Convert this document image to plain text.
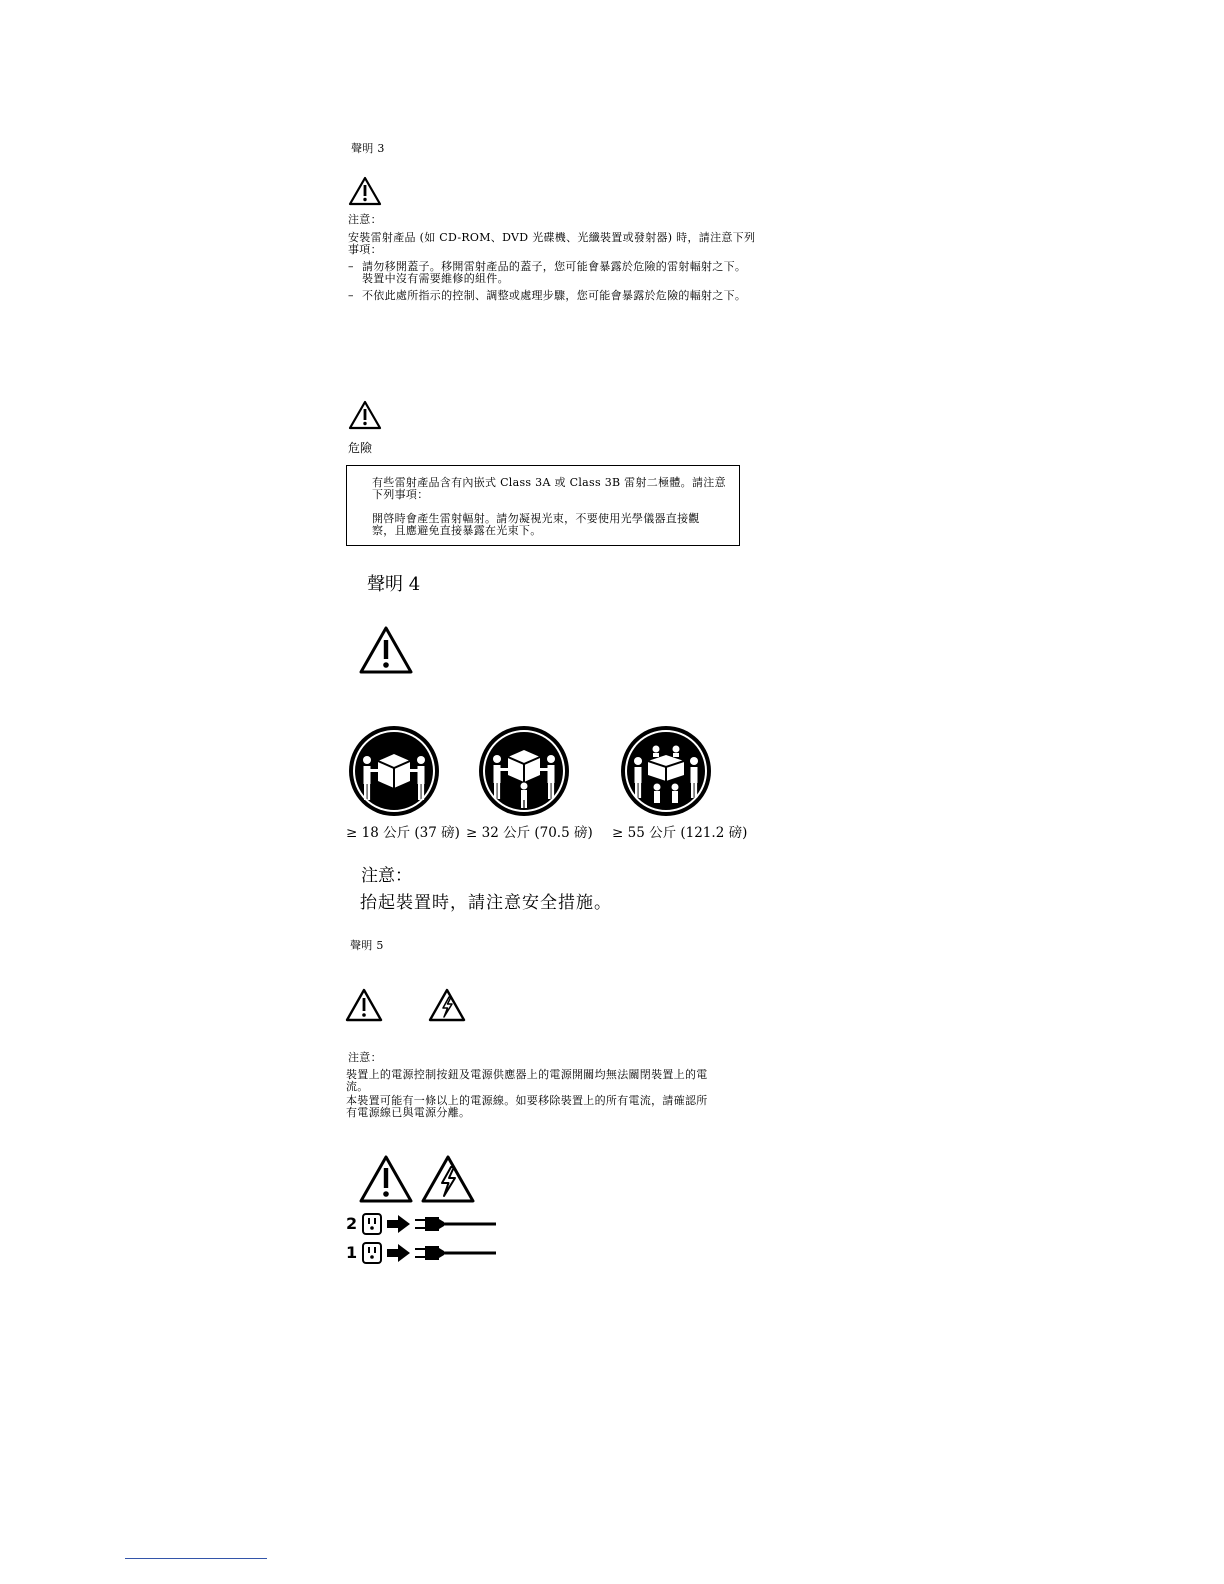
聲明 3
注意：
安裝雷射產品 (如 CD-ROM、DVD 光碟機、光纖裝置或發射器) 時，請注意下列
事項：
– 請勿移開蓋子。移開雷射產品的蓋子，您可能會暴露於危險的雷射輻射之下。
裝置中沒有需要維修的組件。
– 不依此處所指示的控制、調整或處理步驟，您可能會暴露於危險的輻射之下。
危險
有些雷射產品含有內嵌式 Class 3A 或 Class 3B 雷射二極體。請注意
下列事項：
開啓時會產生雷射輻射。請勿凝視光束，不要使用光學儀器直接觀
察，且應避免直接暴露在光束下。
聲明 4
≥ 18 公斤 (37 磅) ≥ 32 公斤 (70.5 磅) ≥ 55 公斤 (121.2 磅)
注意：
抬起裝置時，請注意安全措施。
聲明 5
注意：
裝置上的電源控制按鈕及電源供應器上的電源開關均無法關閉裝置上的電
流。
本裝置可能有一條以上的電源線。如要移除裝置上的所有電流，請確認所
有電源線已與電源分離。
2
1
